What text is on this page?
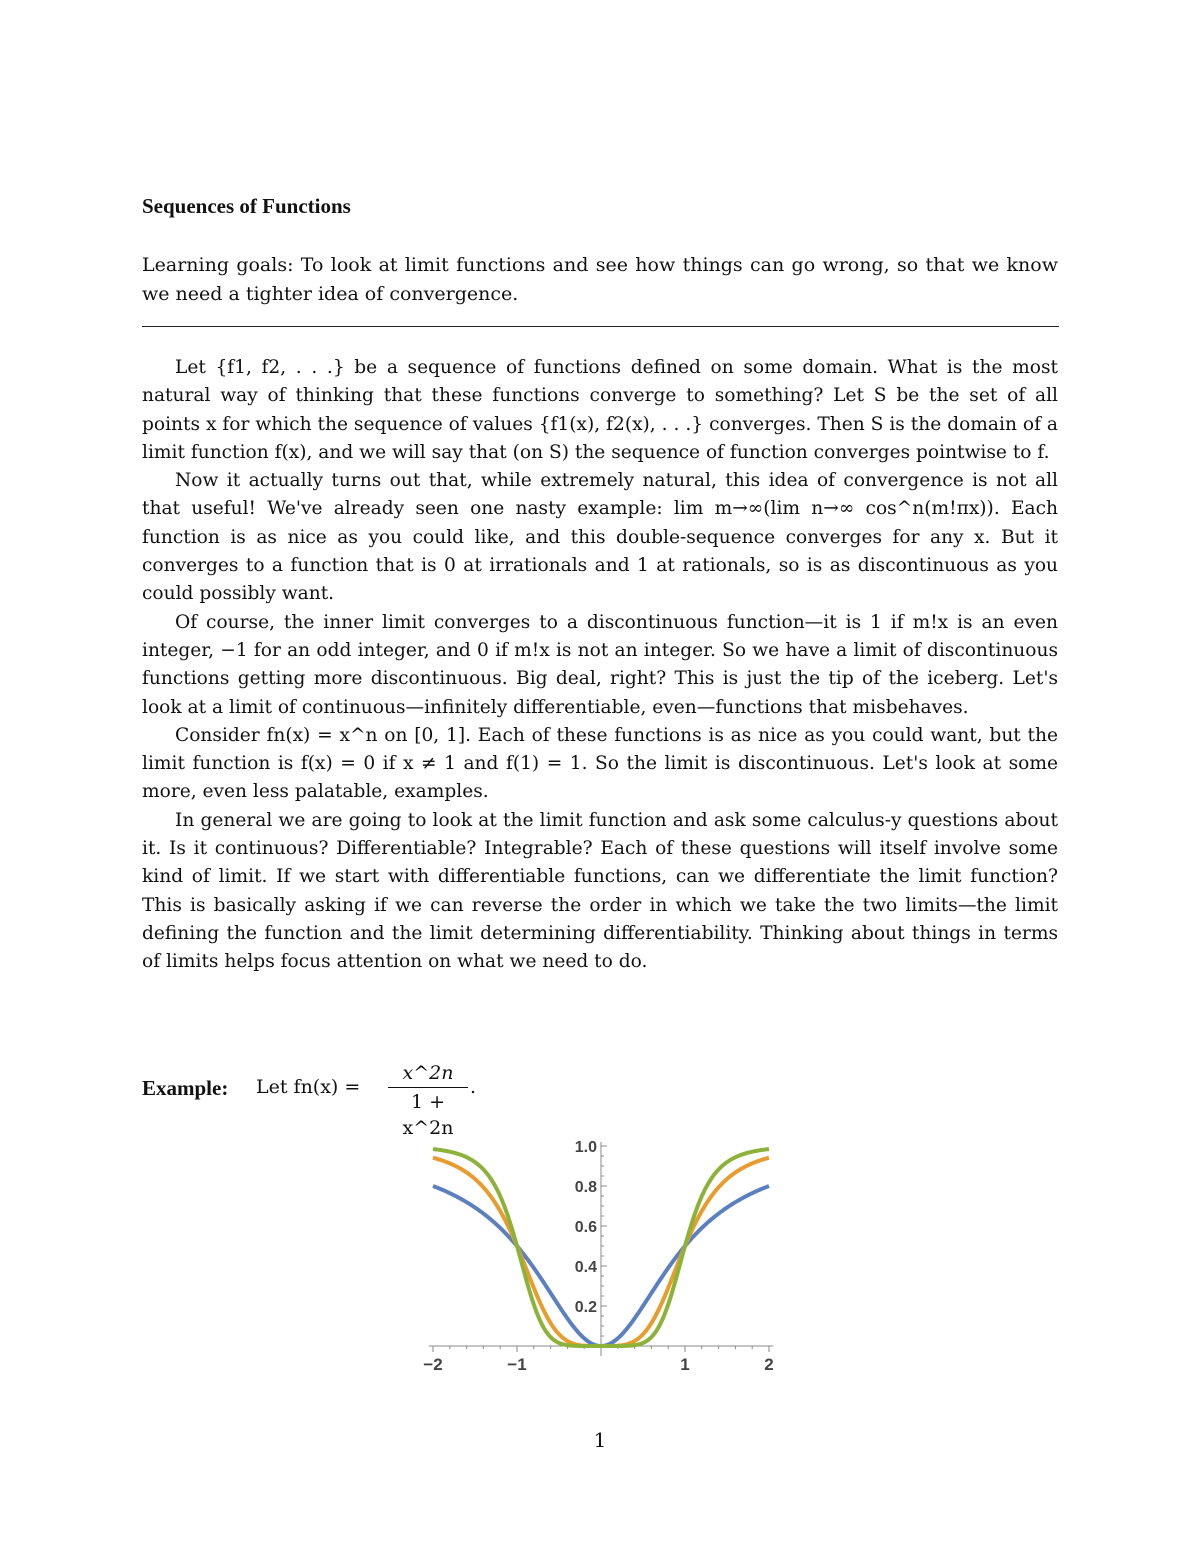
Sequences of Functions
Learning goals: To look at limit functions and see how things can go wrong, so that we know we need a tighter idea of convergence.

Let {f1, f2, . . .} be a sequence of functions defined on some domain. What is the most natural way of thinking that these functions converge to something? Let S be the set of all points x for which the sequence of values {f1(x), f2(x), . . .} converges. Then S is the domain of a limit function f(x), and we will say that (on S) the sequence of function converges pointwise to f.

Now it actually turns out that, while extremely natural, this idea of convergence is not all that useful! We've already seen one nasty example: lim m→∞(lim n→∞ cos^n(m!πx)). Each function is as nice as you could like, and this double-sequence converges for any x. But it converges to a function that is 0 at irrationals and 1 at rationals, so is as discontinuous as you could possibly want.

Of course, the inner limit converges to a discontinuous function—it is 1 if m!x is an even integer, −1 for an odd integer, and 0 if m!x is not an integer. So we have a limit of discontinuous functions getting more discontinuous. Big deal, right? This is just the tip of the iceberg. Let's look at a limit of continuous—infinitely differentiable, even—functions that misbehaves.

Consider fn(x) = x^n on [0, 1]. Each of these functions is as nice as you could want, but the limit function is f(x) = 0 if x ≠ 1 and f(1) = 1. So the limit is discontinuous. Let's look at some more, even less palatable, examples.

In general we are going to look at the limit function and ask some calculus-y questions about it. Is it continuous? Differentiable? Integrable? Each of these questions will itself involve some kind of limit. If we start with differentiable functions, can we differentiate the limit function? This is basically asking if we can reverse the order in which we take the two limits—the limit defining the function and the limit determining differentiability. Thinking about things in terms of limits helps focus attention on what we need to do.

Example: Let fn(x) =
x^2n
1 + x^2n
.
−2	−1	1	2
0.2
0.4
0.6
0.8
1.0
1
